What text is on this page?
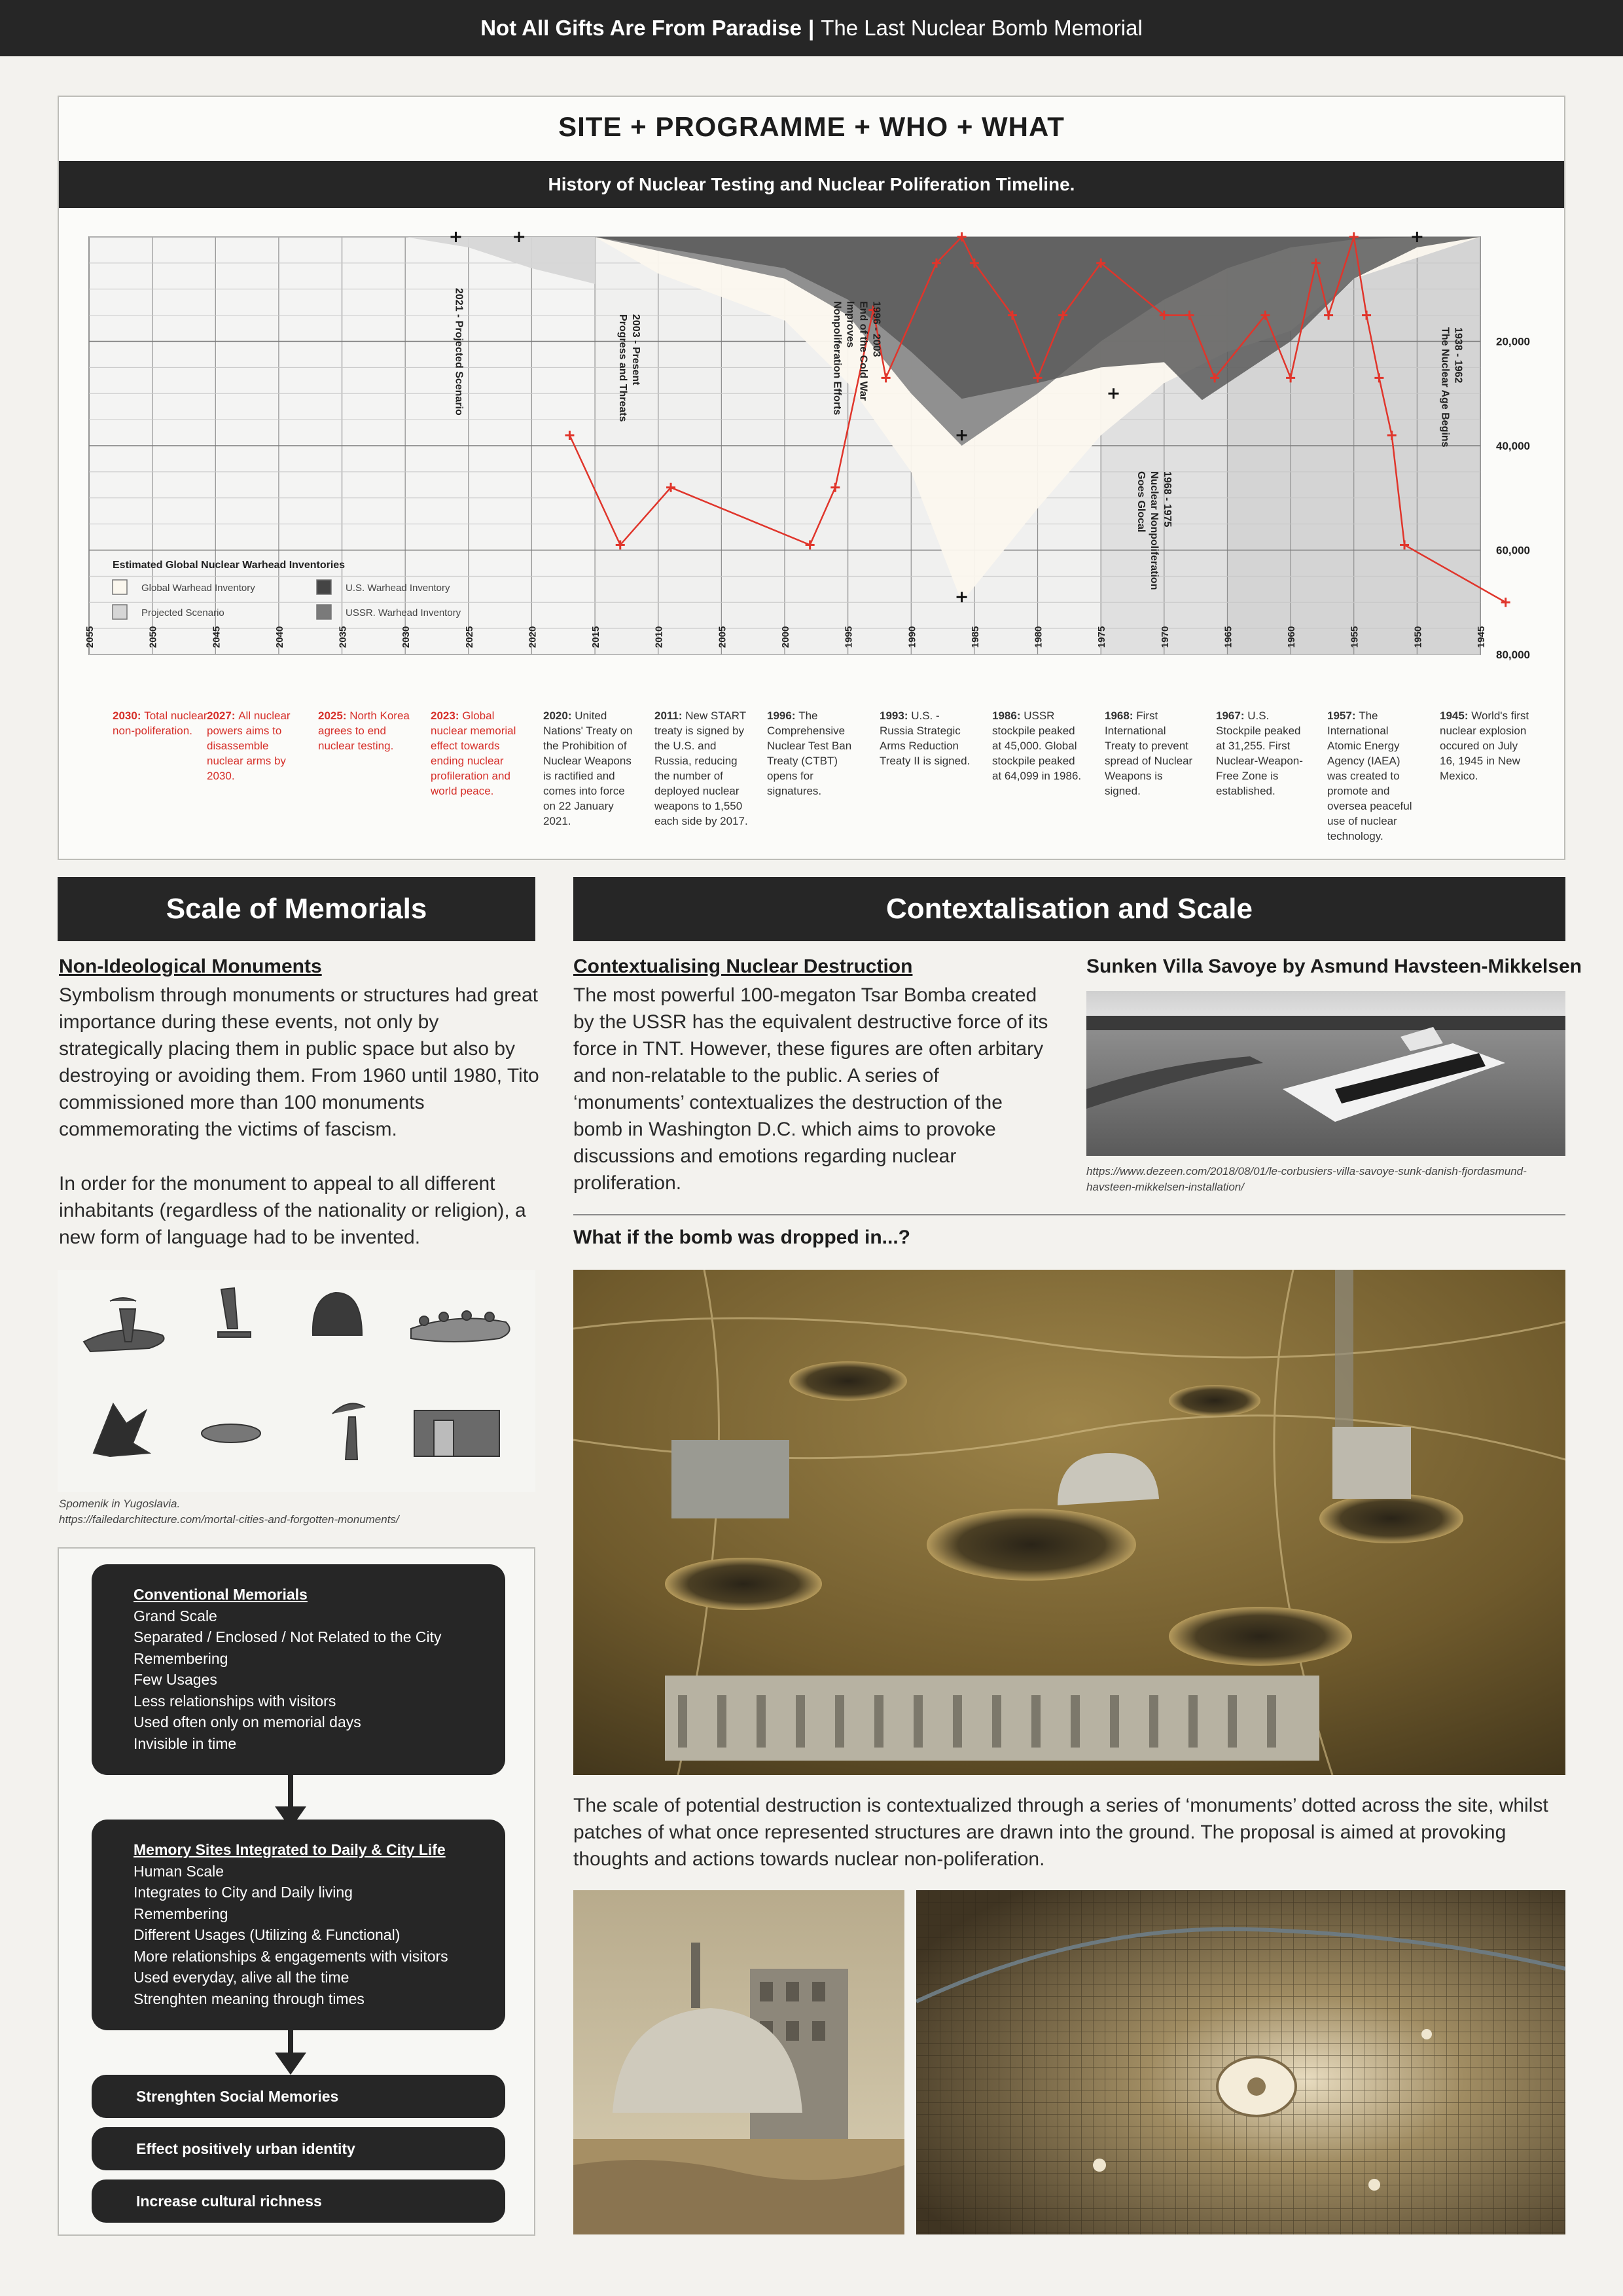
Not All Gifts Are From Paradise | The Last Nuclear Bomb Memorial
SITE + PROGRAMME + WHO + WHAT
History of Nuclear Testing and Nuclear Poliferation Timeline.
2055	2050	2045	2040	2035	2030	2025	2020	2015	2010	2005	2000	1995	1990	1985	1980	1975	1970	1965	1960	1955	1950	1945
20,000
40,000
60,000
80,000
2021 - Projected Scenario	2003 - PresentProgress and Threats	1996 - 2003End of the Cold WarImprovesNonpoliferation Efforts
1968 - 1975Nuclear NonpoliferationGoes Glocal
1938 - 1962The Nuclear Age Begins
Estimated Global Nuclear Warhead Inventories
Global Warhead Inventory	U.S. Warhead Inventory
Projected Scenario	USSR. Warhead Inventory
2030: Total nuclear non-poliferation.
2027: All nuclear powers aims to disassemble nuclear arms by 2030.
2025: North Korea agrees to end nuclear testing.
2023: Global nuclear memorial effect towards ending nuclear profileration and world peace.
2020: United Nations' Treaty on the Prohibition of Nuclear Weapons is ractified and comes into force on 22 January 2021.
2011: New START treaty is signed by the U.S. and Russia, reducing the number of deployed nuclear weapons to 1,550 each side by 2017.
1996: The Comprehensive Nuclear Test Ban Treaty (CTBT) opens for signatures.
1993: U.S. - Russia Strategic Arms Reduction Treaty II is signed.
1986: USSR stockpile peaked at 45,000. Global stockpile peaked at 64,099 in 1986.
1968: First International Treaty to prevent spread of Nuclear Weapons is signed.
1967: U.S. Stockpile peaked at 31,255. First Nuclear-Weapon-Free Zone is established.
1957: The International Atomic Energy Agency (IAEA) was created to promote and oversea peaceful use of nuclear technology.
1945: World's first nuclear explosion occured on July 16, 1945 in New Mexico.
Scale of Memorials
Non-Ideological Monuments
Symbolism through monuments or structures had great importance during these events, not only by strategically placing them in public space but also by destroying or avoiding them. From 1960 until 1980, Tito commissioned more than 100 monuments commemorating the victims of fascism.
In order for the monument to appeal to all different inhabitants (regardless of the nationality or religion), a new form of language had to be invented.
Spomenik in Yugoslavia.
https://failedarchitecture.com/mortal-cities-and-forgotten-monuments/
Conventional Memorials
Grand Scale
Separated / Enclosed / Not Related to the City
Remembering
Few Usages
Less relationships with visitors
Used often only on memorial days
Invisible in time
Memory Sites Integrated to Daily & City Life
Human Scale
Integrates to City and Daily living
Remembering
Different Usages (Utilizing & Functional)
More relationships & engagements with visitors
Used everyday, alive all the time
Strenghten meaning through times
Strenghten Social Memories
Effect positively urban identity
Increase cultural richness
Contextalisation and Scale
Contextualising Nuclear Destruction
The most powerful 100-megaton Tsar Bomba created by the USSR has the equivalent destructive force of its force in TNT. However, these figures are often arbitary and non-relatable to the public. A series of ‘monuments’ contextualizes the destruction of the bomb in Washington D.C. which aims to provoke discussions and emotions regarding nuclear proliferation.
Sunken Villa Savoye by Asmund Havsteen-Mikkelsen
https://www.dezeen.com/2018/08/01/le-corbusiers-villa-savoye-sunk-danish-fjordasmund-havsteen-mikkelsen-installation/
What if the bomb was dropped in...?
The scale of potential destruction is contextualized through a series of ‘monuments’ dotted across the site, whilst patches of what once represented structures are drawn into the ground. The proposal is aimed at provoking thoughts and actions towards nuclear non-poliferation.
